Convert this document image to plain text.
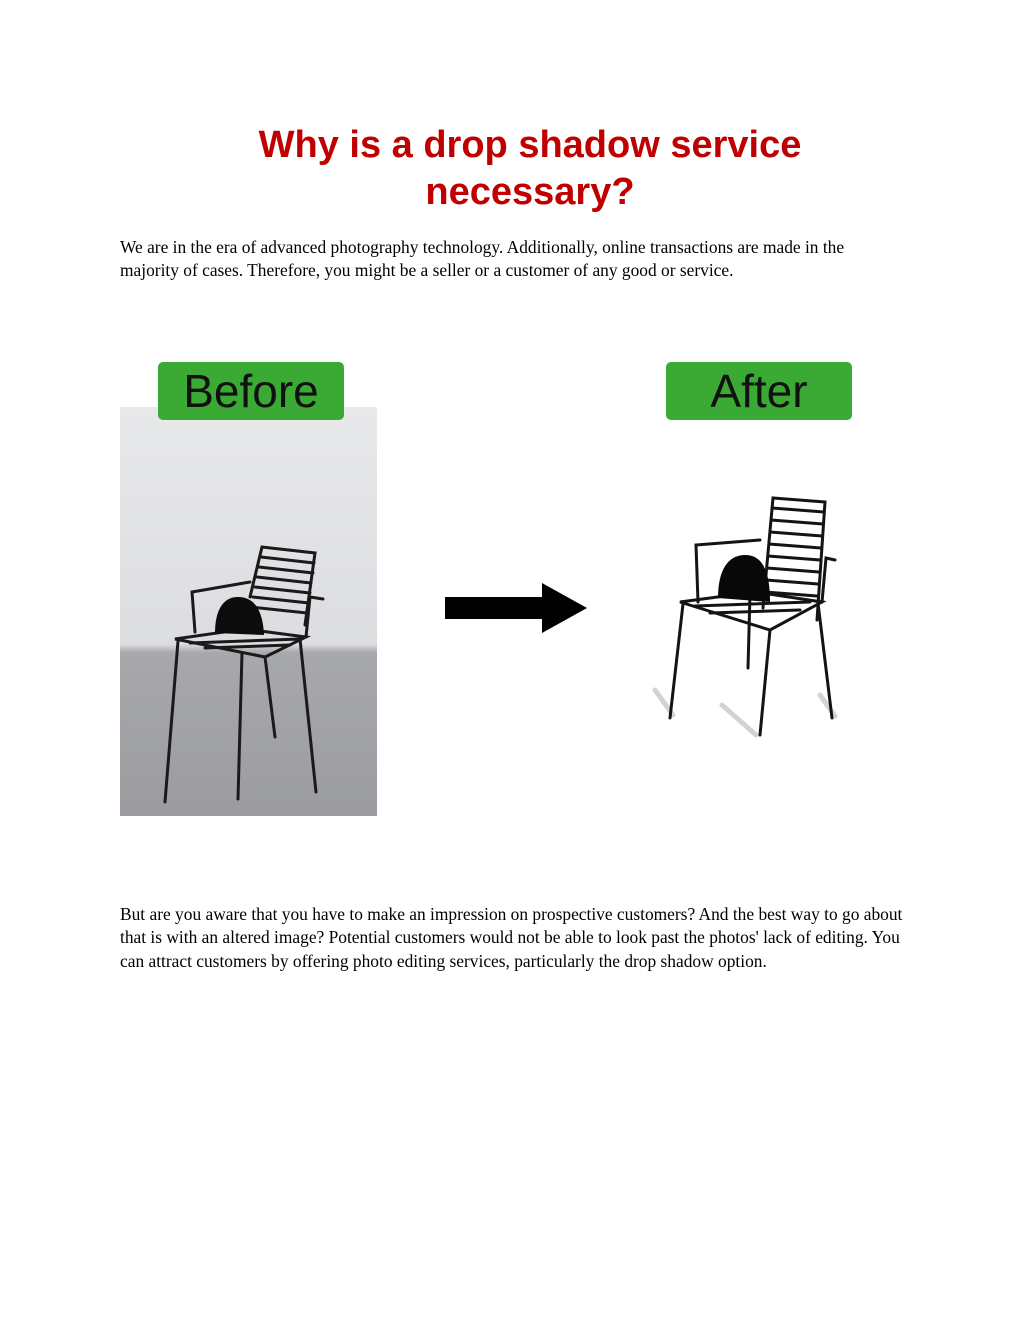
Why is a drop shadow service necessary?

We are in the era of advanced photography technology. Additionally, online transactions are made in the majority of cases. Therefore, you might be a seller or a customer of any good or service.

Before	After

But are you aware that you have to make an impression on prospective customers? And the best way to go about that is with an altered image? Potential customers would not be able to look past the photos' lack of editing. You can attract customers by offering photo editing services, particularly the drop shadow option.
